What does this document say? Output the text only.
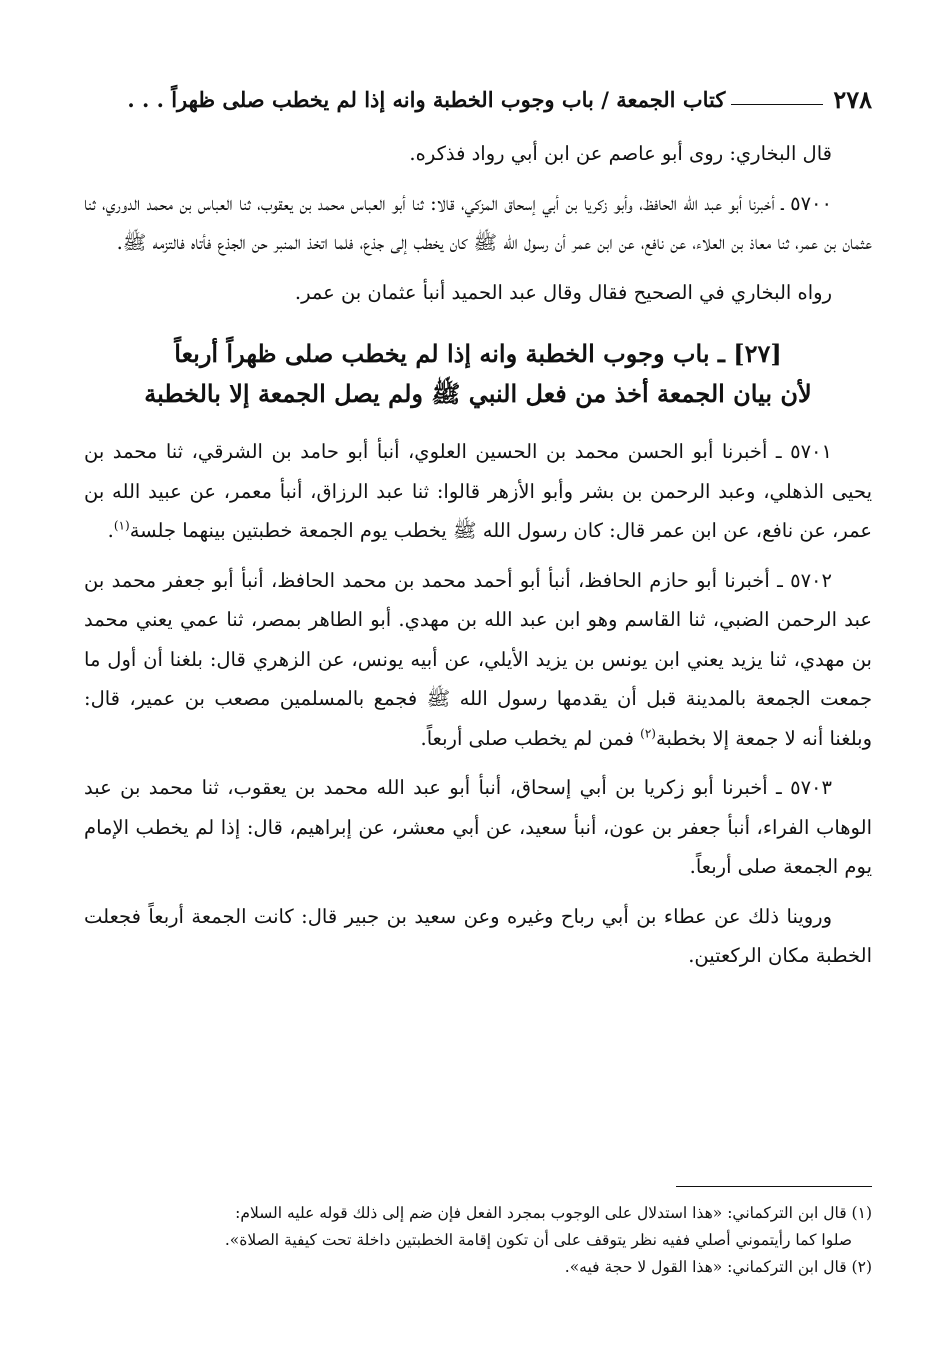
٢٧٨
كتاب الجمعة / باب وجوب الخطبة وانه إذا لم يخطب صلى ظهراً . . .

قال البخاري: روى أبو عاصم عن ابن أبي رواد فذكره.

٥٧٠٠ ـ أخبرنا أبو عبد الله الحافظ، وأبو زكريا بن أبي إسحاق المزكي، قالا: ثنا أبو العباس محمد بن يعقوب، ثنا العباس بن محمد الدوري، ثنا عثمان بن عمر، ثنا معاذ بن العلاء، عن نافع، عن ابن عمر أن رسول الله ﷺ كان يخطب إلى جذع، فلما اتخذ المنبر حن الجذع فأتاه فالتزمه ﷺ.

رواه البخاري في الصحيح فقال وقال عبد الحميد أنبأ عثمان بن عمر.

[٢٧] ـ باب وجوب الخطبة وانه إذا لم يخطب صلى ظهراً أربعاً
لأن بيان الجمعة أخذ من فعل النبي ﷺ ولم يصل الجمعة إلا بالخطبة

٥٧٠١ ـ أخبرنا أبو الحسن محمد بن الحسين العلوي، أنبأ أبو حامد بن الشرقي، ثنا محمد بن يحيى الذهلي، وعبد الرحمن بن بشر وأبو الأزهر قالوا: ثنا عبد الرزاق، أنبأ معمر، عن عبيد الله بن عمر، عن نافع، عن ابن عمر قال: كان رسول الله ﷺ يخطب يوم الجمعة خطبتين بينهما جلسة$^{(١)}$.

٥٧٠٢ ـ أخبرنا أبو حازم الحافظ، أنبأ أبو أحمد محمد بن محمد الحافظ، أنبأ أبو جعفر محمد بن عبد الرحمن الضبي، ثنا القاسم وهو ابن عبد الله بن مهدي. أبو الطاهر بمصر، ثنا عمي يعني محمد بن مهدي، ثنا يزيد يعني ابن يونس بن يزيد الأيلي، عن أبيه يونس، عن الزهري قال: بلغنا أن أول ما جمعت الجمعة بالمدينة قبل أن يقدمها رسول الله ﷺ فجمع بالمسلمين مصعب بن عمير، قال: وبلغنا أنه لا جمعة إلا بخطبة$^{(٢)}$ فمن لم يخطب صلى أربعاً.

٥٧٠٣ ـ أخبرنا أبو زكريا بن أبي إسحاق، أنبأ أبو عبد الله محمد بن يعقوب، ثنا محمد بن عبد الوهاب الفراء، أنبأ جعفر بن عون، أنبأ سعيد، عن أبي معشر، عن إبراهيم، قال: إذا لم يخطب الإمام يوم الجمعة صلى أربعاً.

وروينا ذلك عن عطاء بن أبي رباح وغيره وعن سعيد بن جبير قال: كانت الجمعة أربعاً فجعلت الخطبة مكان الركعتين.

(١) قال ابن التركماني: «هذا استدلال على الوجوب بمجرد الفعل فإن ضم إلى ذلك قوله عليه السلام:

صلوا كما رأيتموني أصلي ففيه نظر يتوقف على أن تكون إقامة الخطبتين داخلة تحت كيفية الصلاة».

(٢) قال ابن التركماني: «هذا القول لا حجة فيه».
